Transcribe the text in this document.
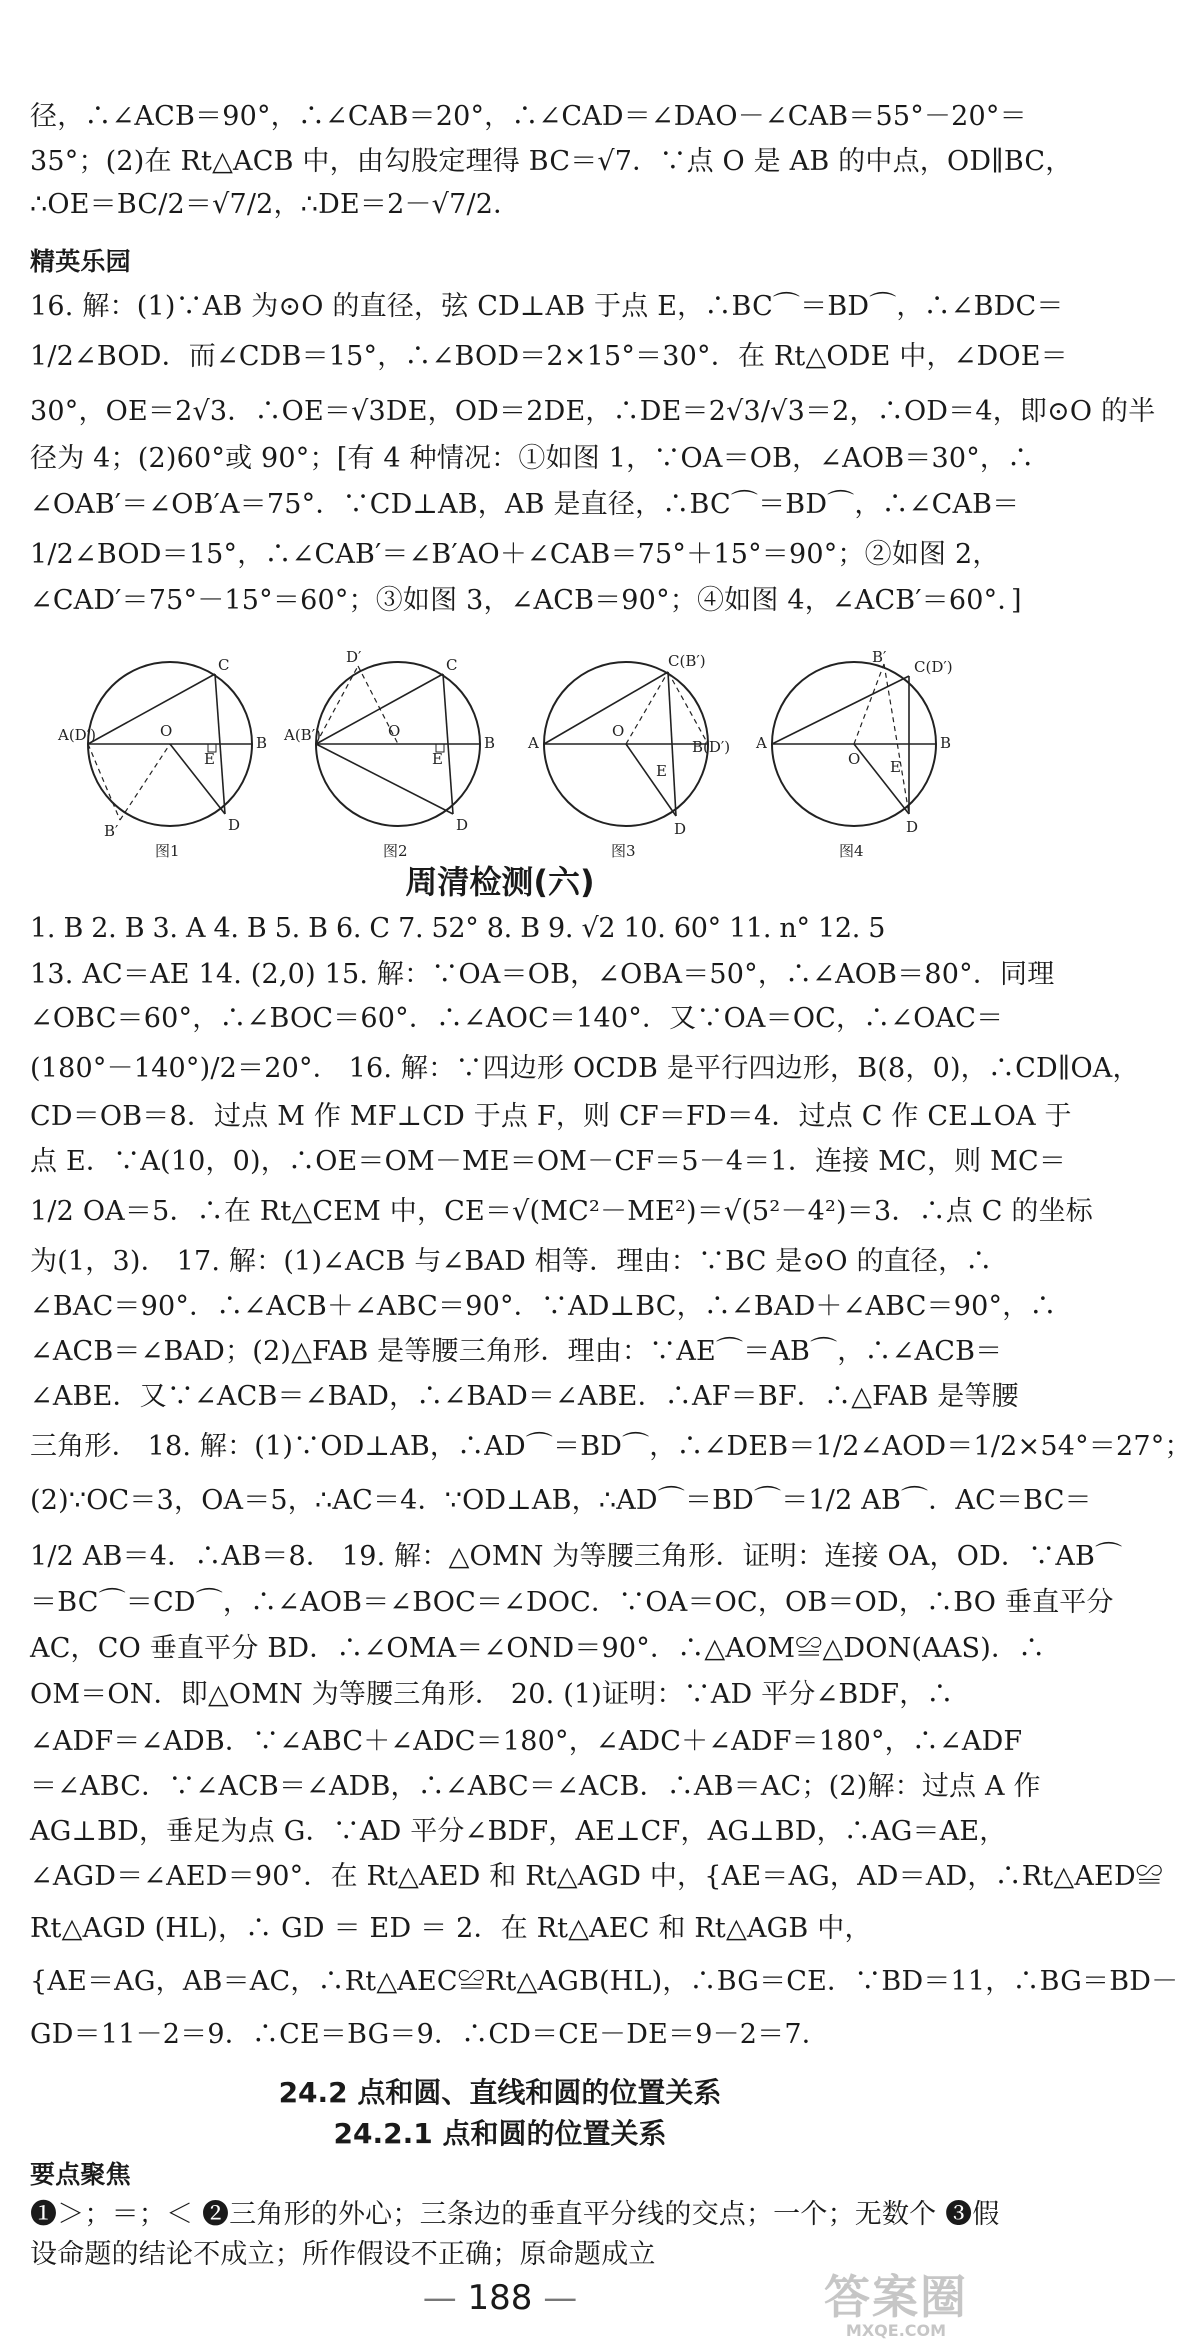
径，∴∠ACB＝90°，∴∠CAB＝20°，∴∠CAD＝∠DAO－∠CAB＝55°－20°＝
35°；(2)在 Rt△ACB 中，由勾股定理得 BC＝√7．∵点 O 是 AB 的中点，OD∥BC，
∴OE＝BC/2＝√7/2，∴DE＝2－√7/2．
精英乐园
16. 解：(1)∵AB 为⊙O 的直径，弦 CD⊥AB 于点 E，∴BC⌒＝BD⌒，∴∠BDC＝
1/2∠BOD．而∠CDB＝15°，∴∠BOD＝2×15°＝30°．在 Rt△ODE 中，∠DOE＝
30°，OE＝2√3．∴OE＝√3DE，OD＝2DE，∴DE＝2√3/√3＝2，∴OD＝4，即⊙O 的半
径为 4；(2)60°或 90°；[有 4 种情况：①如图 1，∵OA＝OB，∠AOB＝30°，∴
∠OAB′＝∠OB′A＝75°．∵CD⊥AB，AB 是直径，∴BC⌒＝BD⌒，∴∠CAB＝
1/2∠BOD＝15°，∴∠CAB′＝∠B′AO＋∠CAB＝75°＋15°＝90°；②如图 2，
∠CAD′＝75°－15°＝60°；③如图 3，∠ACB＝90°；④如图 4，∠ACB′＝60°．]
A(D′)	O
C
E
B
B′	D
图1
A(B′)	O
C
E
B
D′
D
图2
A
O
C(B′)
E
B(D′)
D
图3
A
O
B′
C(D′)
E
B
D
图4
周清检测(六)
1. B 2. B 3. A 4. B 5. B 6. C 7. 52° 8. B 9. √2 10. 60° 11. n° 12. 5
13. AC＝AE 14. (2,0) 15. 解：∵OA＝OB，∠OBA＝50°，∴∠AOB＝80°．同理
∠OBC＝60°，∴∠BOC＝60°．∴∠AOC＝140°．又∵OA＝OC，∴∠OAC＝
(180°－140°)/2＝20°． 16. 解：∵四边形 OCDB 是平行四边形，B(8，0)，∴CD∥OA，
CD＝OB＝8．过点 M 作 MF⊥CD 于点 F，则 CF＝FD＝4．过点 C 作 CE⊥OA 于
点 E．∵A(10，0)，∴OE＝OM－ME＝OM－CF＝5－4＝1．连接 MC，则 MC＝
1/2 OA＝5．∴在 Rt△CEM 中，CE＝√(MC²－ME²)＝√(5²－4²)＝3．∴点 C 的坐标
为(1，3)． 17. 解：(1)∠ACB 与∠BAD 相等．理由：∵BC 是⊙O 的直径，∴
∠BAC＝90°．∴∠ACB＋∠ABC＝90°．∵AD⊥BC，∴∠BAD＋∠ABC＝90°，∴
∠ACB＝∠BAD；(2)△FAB 是等腰三角形．理由：∵AE⌒＝AB⌒，∴∠ACB＝
∠ABE．又∵∠ACB＝∠BAD，∴∠BAD＝∠ABE．∴AF＝BF．∴△FAB 是等腰
三角形． 18. 解：(1)∵OD⊥AB，∴AD⌒＝BD⌒，∴∠DEB＝1/2∠AOD＝1/2×54°＝27°；
(2)∵OC＝3，OA＝5，∴AC＝4．∵OD⊥AB，∴AD⌒＝BD⌒＝1/2 AB⌒．AC＝BC＝
1/2 AB＝4．∴AB＝8． 19. 解：△OMN 为等腰三角形．证明：连接 OA，OD．∵AB⌒
＝BC⌒＝CD⌒，∴∠AOB＝∠BOC＝∠DOC．∵OA＝OC，OB＝OD，∴BO 垂直平分
AC，CO 垂直平分 BD．∴∠OMA＝∠OND＝90°．∴△AOM≌△DON(AAS)．∴
OM＝ON．即△OMN 为等腰三角形． 20. (1)证明：∵AD 平分∠BDF，∴
∠ADF＝∠ADB．∵∠ABC＋∠ADC＝180°，∠ADC＋∠ADF＝180°，∴∠ADF
＝∠ABC．∵∠ACB＝∠ADB，∴∠ABC＝∠ACB．∴AB＝AC；(2)解：过点 A 作
AG⊥BD，垂足为点 G．∵AD 平分∠BDF，AE⊥CF，AG⊥BD，∴AG＝AE，
∠AGD＝∠AED＝90°．在 Rt△AED 和 Rt△AGD 中，{AE＝AG，AD＝AD，∴Rt△AED≌
Rt△AGD (HL)，∴ GD ＝ ED ＝ 2．在 Rt△AEC 和 Rt△AGB 中，
{AE＝AG，AB＝AC，∴Rt△AEC≌Rt△AGB(HL)，∴BG＝CE．∵BD＝11，∴BG＝BD－
GD＝11－2＝9．∴CE＝BG＝9．∴CD＝CE－DE＝9－2＝7．
24.2 点和圆、直线和圆的位置关系
24.2.1 点和圆的位置关系
要点聚焦
❶＞；＝；＜ ❷三角形的外心；三条边的垂直平分线的交点；一个；无数个 ❸假
设命题的结论不成立；所作假设不正确；原命题成立
— 188 —	答案圈
MXQE.COM
